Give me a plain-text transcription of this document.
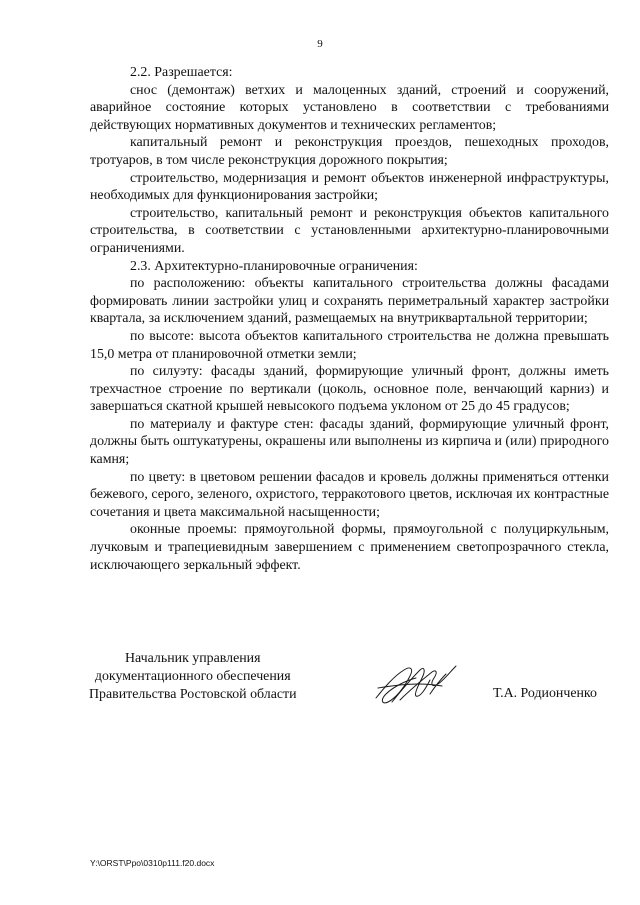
9

2.2. Разрешается:

снос (демонтаж) ветхих и малоценных зданий, строений и сооружений, аварийное состояние которых установлено в соответствии с требованиями действующих нормативных документов и технических регламентов;

капитальный ремонт и реконструкция проездов, пешеходных проходов, тротуаров, в том числе реконструкция дорожного покрытия;

строительство, модернизация и ремонт объектов инженерной инфраструктуры, необходимых для функционирования застройки;

строительство, капитальный ремонт и реконструкция объектов капитального строительства, в соответствии с установленными архитектурно-планировочными ограничениями.

2.3. Архитектурно-планировочные ограничения:

по расположению: объекты капитального строительства должны фасадами формировать линии застройки улиц и сохранять периметральный характер застройки квартала, за исключением зданий, размещаемых на внутриквартальной территории;

по высоте: высота объектов капитального строительства не должна превышать 15,0 метра от планировочной отметки земли;

по силуэту: фасады зданий, формирующие уличный фронт, должны иметь трехчастное строение по вертикали (цоколь, основное поле, венчающий карниз) и завершаться скатной крышей невысокого подъема уклоном от 25 до 45 градусов;

по материалу и фактуре стен: фасады зданий, формирующие уличный фронт, должны быть оштукатурены, окрашены или выполнены из кирпича и (или) природного камня;

по цвету: в цветовом решении фасадов и кровель должны применяться оттенки бежевого, серого, зеленого, охристого, терракотового цветов, исключая их контрастные сочетания и цвета максимальной насыщенности;

оконные проемы: прямоугольной формы, прямоугольной с полуциркульным, лучковым и трапециевидным завершением с применением светопрозрачного стекла, исключающего зеркальный эффект.

Начальник управления
документационного обеспечения
Правительства Ростовской области	Т.А. Родионченко
Y:\ORST\Ppo\0310p111.f20.docx
